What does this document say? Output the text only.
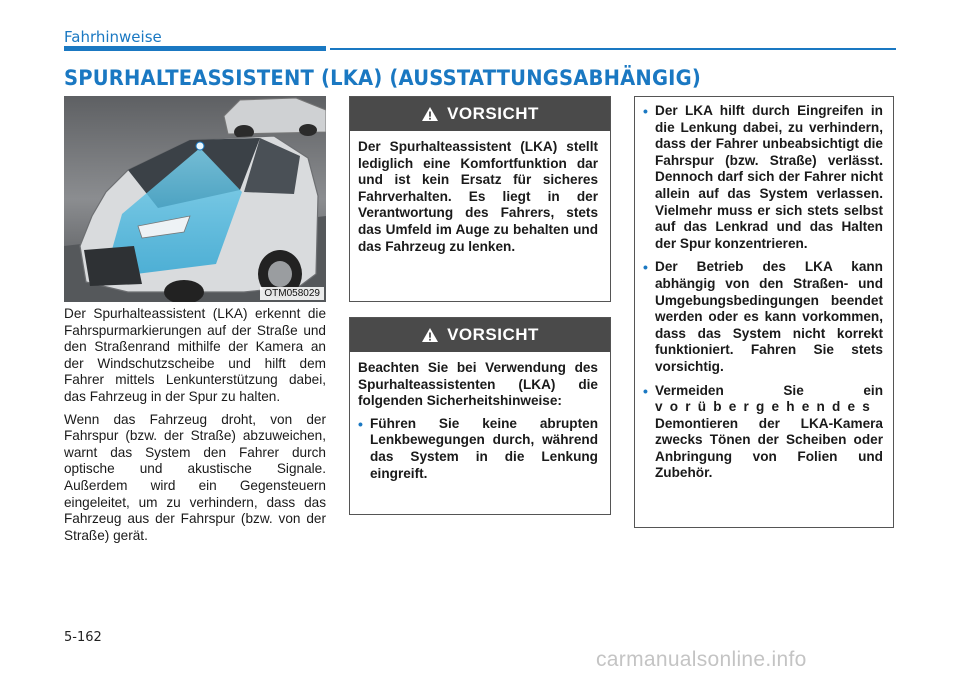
Fahrhinweise
SPURHALTEASSISTENT (LKA) (AUSSTATTUNGSABHÄNGIG)
OTM058029

Der Spurhalteassistent (LKA) erkennt die Fahrspurmarkierungen auf der Straße und den Straßenrand mithilfe der Kamera an der Windschutzscheibe und hilft dem Fahrer mittels Lenkunterstützung dabei, das Fahrzeug in der Spur zu halten.

Wenn das Fahrzeug droht, von der Fahrspur (bzw. der Straße) abzuweichen, warnt das System den Fahrer durch optische und akustische Signale. Außerdem wird ein Gegensteuern eingeleitet, um zu verhindern, dass das Fahrzeug aus der Fahrspur (bzw. von der Straße) gerät.

VORSICHT

Der Spurhalteassistent (LKA) stellt lediglich eine Komfortfunktion dar und ist kein Ersatz für sicheres Fahrverhalten. Es liegt in der Verantwortung des Fahrers, stets das Umfeld im Auge zu behalten und das Fahrzeug zu lenken.

VORSICHT

Beachten Sie bei Verwendung des Spurhalteassistenten (LKA) die folgenden Sicherheitshinweise:

• Führen Sie keine abrupten Lenkbewegungen durch, während das System in die Lenkung eingreift.
• Der LKA hilft durch Eingreifen in die Lenkung dabei, zu verhindern, dass der Fahrer unbeabsichtigt die Fahrspur (bzw. Straße) verlässt. Dennoch darf sich der Fahrer nicht allein auf das System verlassen. Vielmehr muss er sich stets selbst auf das Lenkrad und das Halten der Spur konzentrieren.
• Der Betrieb des LKA kann abhängig von den Straßen- und Umgebungsbedingungen beendet werden oder es kann vorkommen, dass das System nicht korrekt funktioniert. Fahren Sie stets vorsichtig.
• Vermeiden Sie ein
vorübergehendes
Demontieren der LKA-Kamera zwecks Tönen der Scheiben oder Anbringung von Folien und Zubehör.
5-162
carmanualsonline.info
